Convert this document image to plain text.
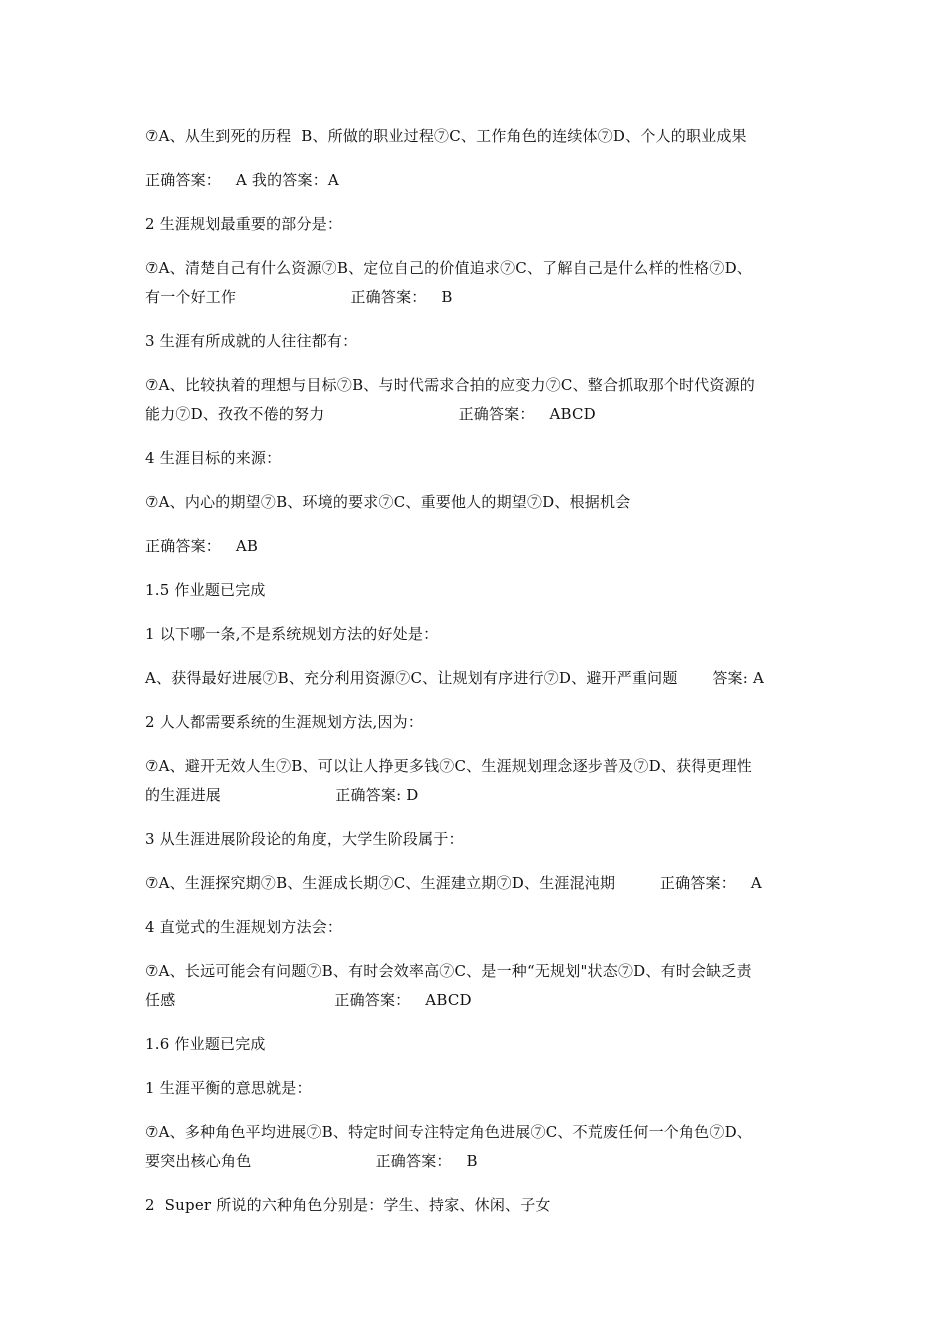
⑦A、从生到死的历程  B、所做的职业过程⑦C、工作角色的连续体⑦D、个人的职业成果
正确答案：   A 我的答案：A
2 生涯规划最重要的部分是：
⑦A、清楚自己有什么资源⑦B、定位自己的价值追求⑦C、了解自己是什么样的性格⑦D、
有一个好工作                       正确答案：   B
3 生涯有所成就的人往往都有：
⑦A、比较执着的理想与目标⑦B、与时代需求合拍的应变力⑦C、整合抓取那个时代资源的
能力⑦D、孜孜不倦的努力                           正确答案：   ABCD
4 生涯目标的来源：
⑦A、内心的期望⑦B、环境的要求⑦C、重要他人的期望⑦D、根据机会
正确答案：   AB
1.5 作业题已完成
1 以下哪一条,不是系统规划方法的好处是：
A、获得最好进展⑦B、充分利用资源⑦C、让规划有序进行⑦D、避开严重问题       答案: A
2 人人都需要系统的生涯规划方法,因为：
⑦A、避开无效人生⑦B、可以让人挣更多钱⑦C、生涯规划理念逐步普及⑦D、获得更理性
的生涯进展                       正确答案: D
3 从生涯进展阶段论的角度，大学生阶段属于：
⑦A、生涯探究期⑦B、生涯成长期⑦C、生涯建立期⑦D、生涯混沌期         正确答案：   A
4 直觉式的生涯规划方法会：
⑦A、长远可能会有问题⑦B、有时会效率高⑦C、是一种“无规划"状态⑦D、有时会缺乏责
任感                                正确答案：   ABCD
1.6 作业题已完成
1 生涯平衡的意思就是：
⑦A、多种角色平均进展⑦B、特定时间专注特定角色进展⑦C、不荒废任何一个角色⑦D、
要突出核心角色                         正确答案：   B
2  Super 所说的六种角色分别是：学生、持家、休闲、子女
